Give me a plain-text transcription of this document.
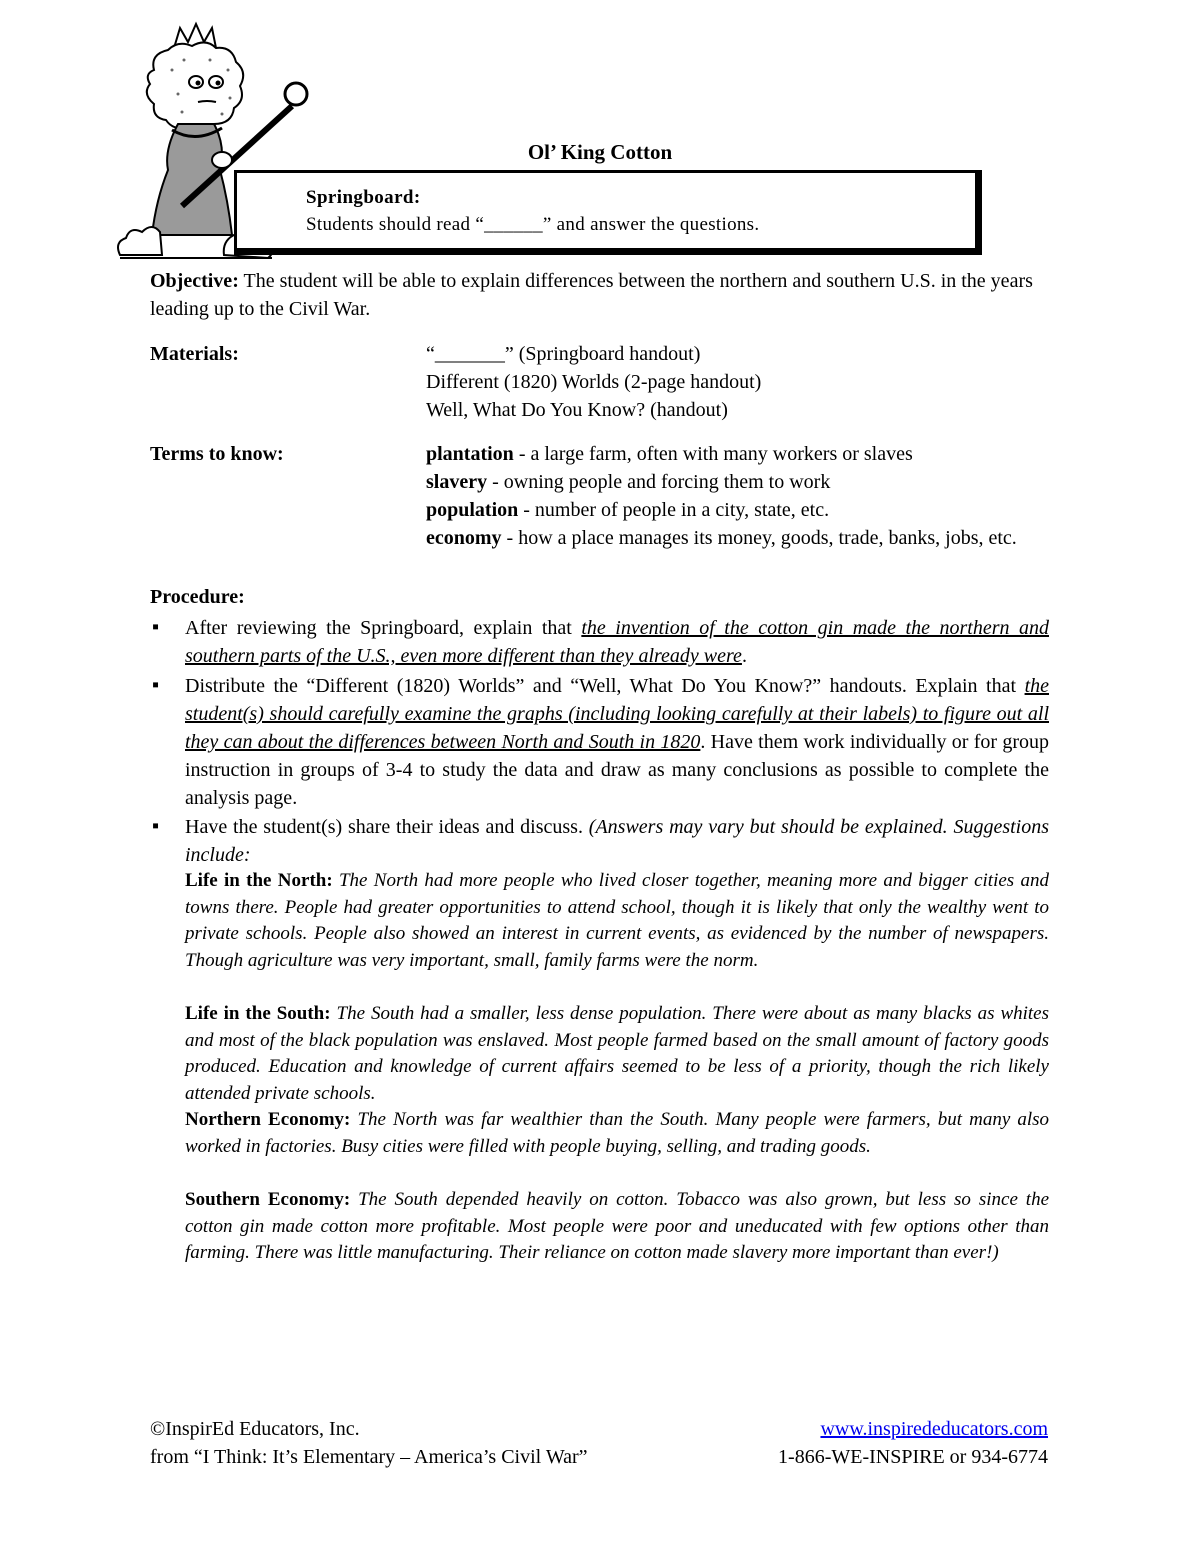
Ol’ King Cotton
Springboard:
Students should read “______” and answer the questions.
Objective: The student will be able to explain differences between the northern and southern U.S. in the years leading up to the Civil War.
Materials:	“_______” (Springboard handout)
Different (1820) Worlds (2-page handout)
Well, What Do You Know? (handout)
Terms to know:	plantation - a large farm, often with many workers or slaves
slavery - owning people and forcing them to work
population - number of people in a city, state, etc.
economy - how a place manages its money, goods, trade, banks, jobs, etc.
Procedure:
▪ After reviewing the Springboard, explain that the invention of the cotton gin made the northern and southern parts of the U.S., even more different than they already were.
▪ Distribute the “Different (1820) Worlds” and “Well, What Do You Know?” handouts. Explain that the student(s) should carefully examine the graphs (including looking carefully at their labels) to figure out all they can about the differences between North and South in 1820. Have them work individually or for group instruction in groups of 3-4 to study the data and draw as many conclusions as possible to complete the analysis page.
▪ Have the student(s) share their ideas and discuss. (Answers may vary but should be explained. Suggestions include:
Life in the North: The North had more people who lived closer together, meaning more and bigger cities and towns there. People had greater opportunities to attend school, though it is likely that only the wealthy went to private schools. People also showed an interest in current events, as evidenced by the number of newspapers. Though agriculture was very important, small, family farms were the norm.
Life in the South: The South had a smaller, less dense population. There were about as many blacks as whites and most of the black population was enslaved. Most people farmed based on the small amount of factory goods produced. Education and knowledge of current affairs seemed to be less of a priority, though the rich likely attended private schools.
Northern Economy: The North was far wealthier than the South. Many people were farmers, but many also worked in factories. Busy cities were filled with people buying, selling, and trading goods.
Southern Economy: The South depended heavily on cotton. Tobacco was also grown, but less so since the cotton gin made cotton more profitable. Most people were poor and uneducated with few options other than farming. There was little manufacturing. Their reliance on cotton made slavery more important than ever!)
©InspirEd Educators, Inc.
from “I Think: It’s Elementary – America’s Civil War”
www.inspirededucators.com
1-866-WE-INSPIRE or 934-6774
